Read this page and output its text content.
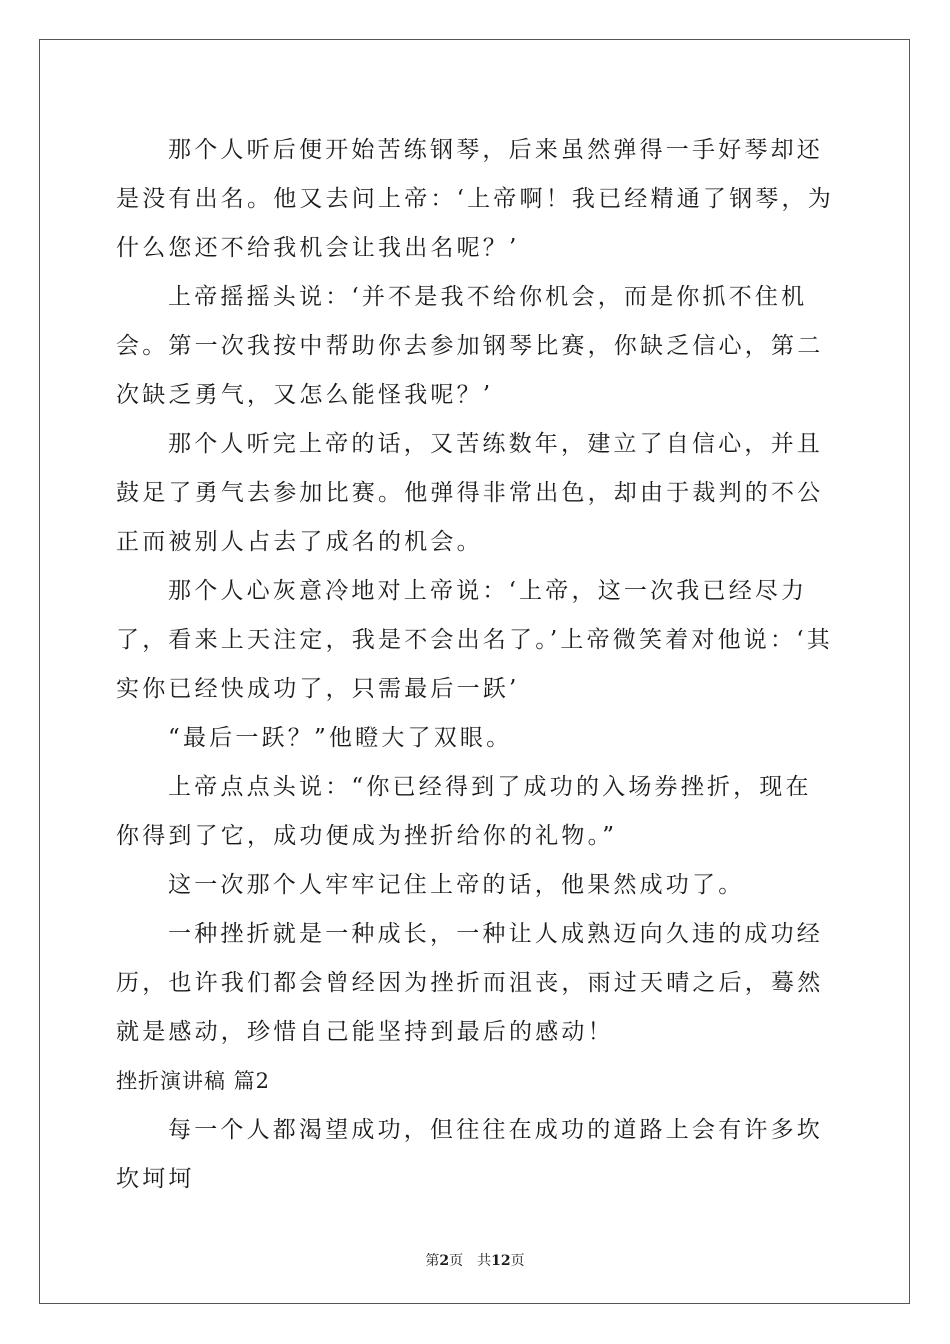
那个人听后便开始苦练钢琴，后来虽然弹得一手好琴却还是没有出名。他又去问上帝：‘上帝啊！我已经精通了钢琴，为什么您还不给我机会让我出名呢？’

上帝摇摇头说：‘并不是我不给你机会，而是你抓不住机会。第一次我按中帮助你去参加钢琴比赛，你缺乏信心，第二次缺乏勇气，又怎么能怪我呢？’

那个人听完上帝的话，又苦练数年，建立了自信心，并且鼓足了勇气去参加比赛。他弹得非常出色，却由于裁判的不公正而被别人占去了成名的机会。

那个人心灰意冷地对上帝说：‘上帝，这一次我已经尽力了，看来上天注定，我是不会出名了。’上帝微笑着对他说：‘其实你已经快成功了，只需最后一跃’

“最后一跃？”他瞪大了双眼。

上帝点点头说：“你已经得到了成功的入场券挫折，现在你得到了它，成功便成为挫折给你的礼物。”

这一次那个人牢牢记住上帝的话，他果然成功了。

一种挫折就是一种成长，一种让人成熟迈向久违的成功经历，也许我们都会曾经因为挫折而沮丧，雨过天晴之后，蓦然就是感动，珍惜自己能坚持到最后的感动！

挫折演讲稿 篇2

每一个人都渴望成功，但往往在成功的道路上会有许多坎坎坷坷

第2页 共12页
